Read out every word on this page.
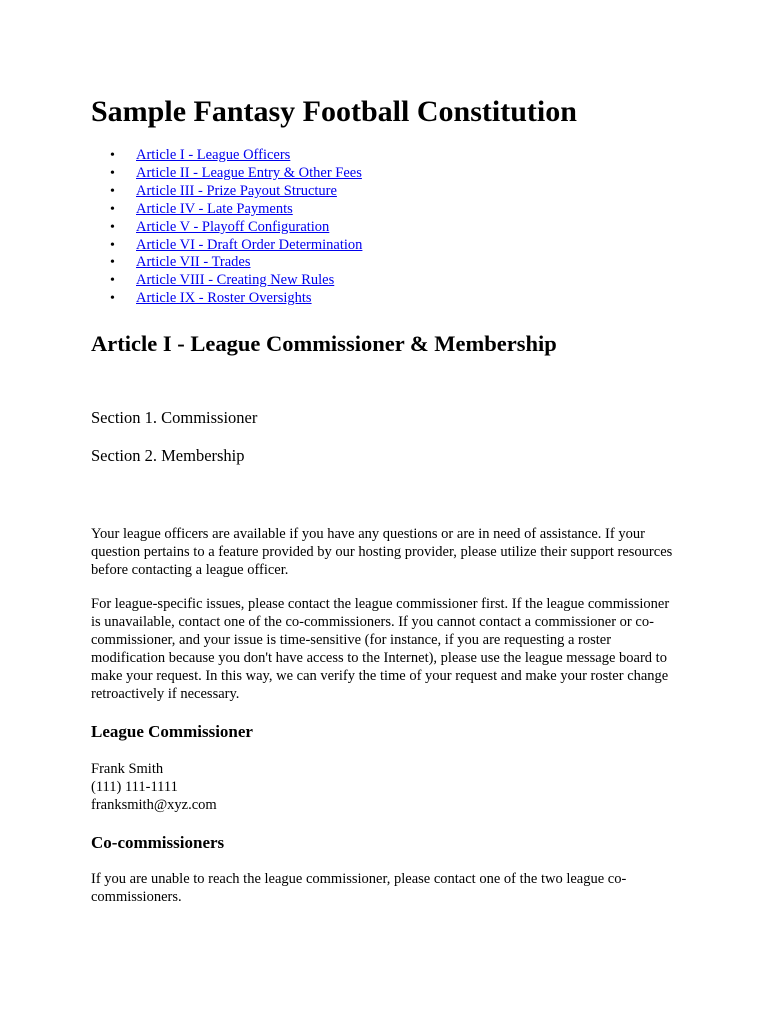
Sample Fantasy Football Constitution
• Article I - League Officers
• Article II - League Entry & Other Fees
• Article III - Prize Payout Structure
• Article IV - Late Payments
• Article V - Playoff Configuration
• Article VI - Draft Order Determination
• Article VII - Trades
• Article VIII - Creating New Rules
• Article IX - Roster Oversights
Article I - League Commissioner & Membership

Section 1. Commissioner

Section 2. Membership

Your league officers are available if you have any questions or are in need of assistance. If your question pertains to a feature provided by our hosting provider, please utilize their support resources before contacting a league officer.

For league-specific issues, please contact the league commissioner first. If the league commissioner is unavailable, contact one of the co-commissioners. If you cannot contact a commissioner or co-commissioner, and your issue is time-sensitive (for instance, if you are requesting a roster modification because you don't have access to the Internet), please use the league message board to make your request. In this way, we can verify the time of your request and make your roster change retroactively if necessary.

League Commissioner
Frank Smith
(111) 111-1111
franksmith@xyz.com
Co-commissioners

If you are unable to reach the league commissioner, please contact one of the two league co-commissioners.
